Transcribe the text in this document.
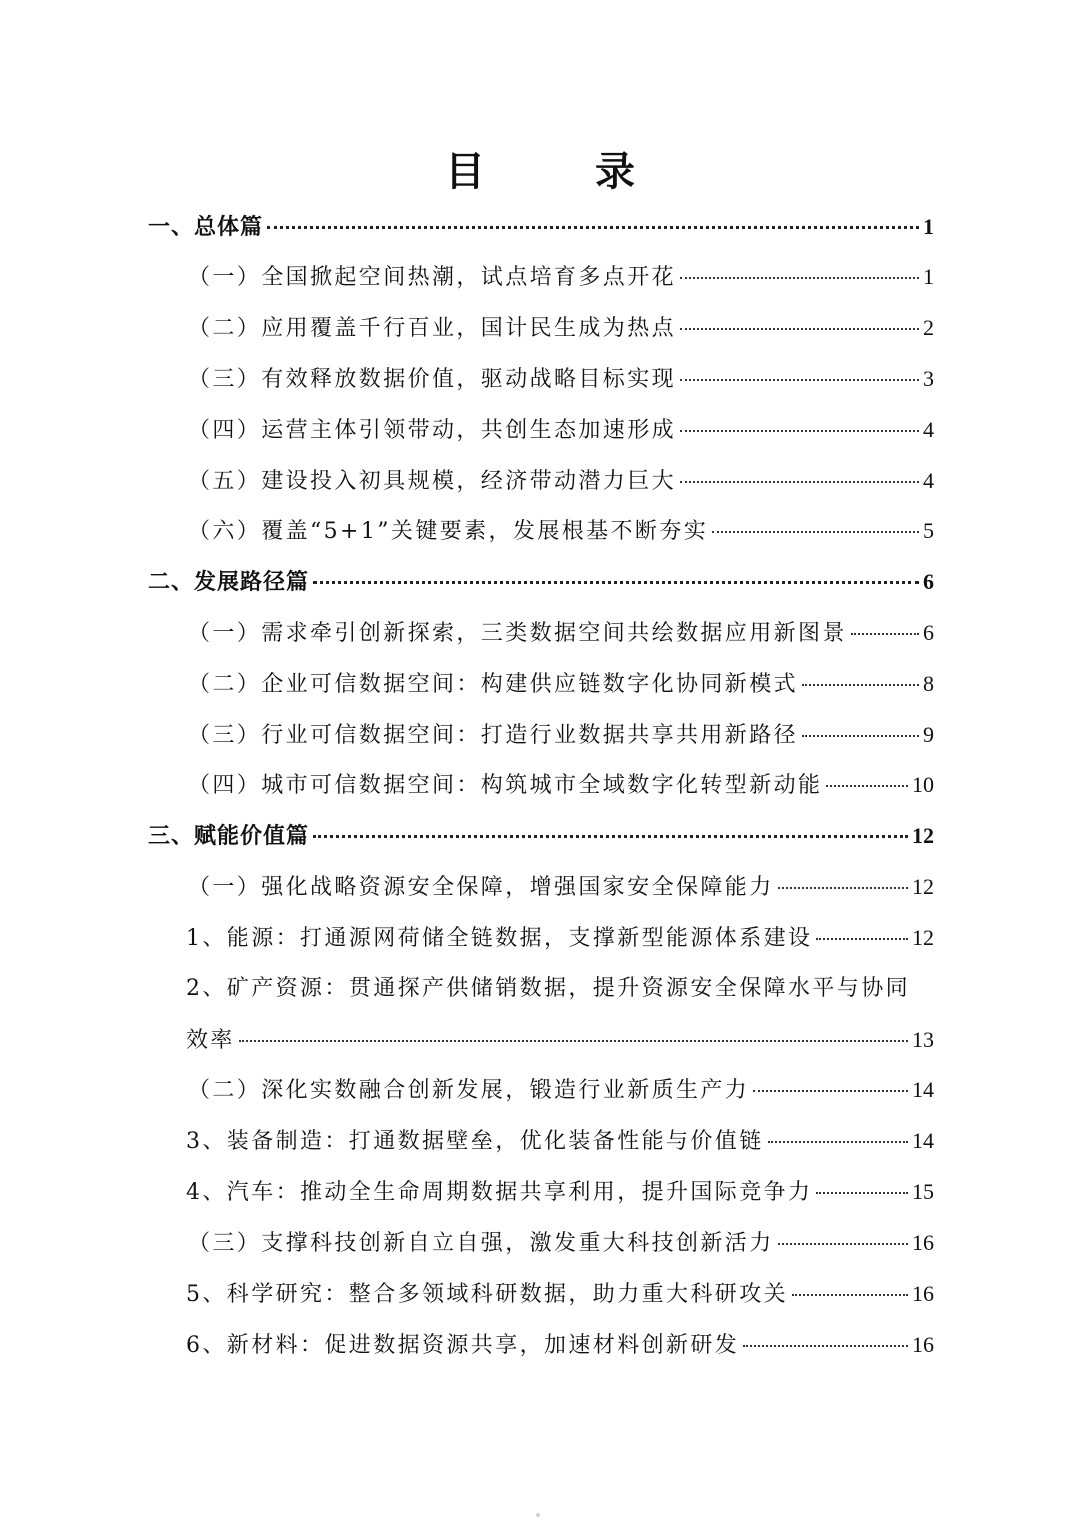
目 录
一、总体篇	1
（一）全国掀起空间热潮，试点培育多点开花	1
（二）应用覆盖千行百业，国计民生成为热点	2
（三）有效释放数据价值，驱动战略目标实现	3
（四）运营主体引领带动，共创生态加速形成	4
（五）建设投入初具规模，经济带动潜力巨大	4
（六）覆盖“5+1”关键要素，发展根基不断夯实	5
二、发展路径篇	6
（一）需求牵引创新探索，三类数据空间共绘数据应用新图景	6
（二）企业可信数据空间：构建供应链数字化协同新模式	8
（三）行业可信数据空间：打造行业数据共享共用新路径	9
（四）城市可信数据空间：构筑城市全域数字化转型新动能	10
三、赋能价值篇	12
（一）强化战略资源安全保障，增强国家安全保障能力	12
1、能源：打通源网荷储全链数据，支撑新型能源体系建设	12
2、矿产资源：贯通探产供储销数据，提升资源安全保障水平与协同
效率	13
（二）深化实数融合创新发展，锻造行业新质生产力	14
3、装备制造：打通数据壁垒，优化装备性能与价值链	14
4、汽车：推动全生命周期数据共享利用，提升国际竞争力	15
（三）支撑科技创新自立自强，激发重大科技创新活力	16
5、科学研究：整合多领域科研数据，助力重大科研攻关	16
6、新材料：促进数据资源共享，加速材料创新研发	16
